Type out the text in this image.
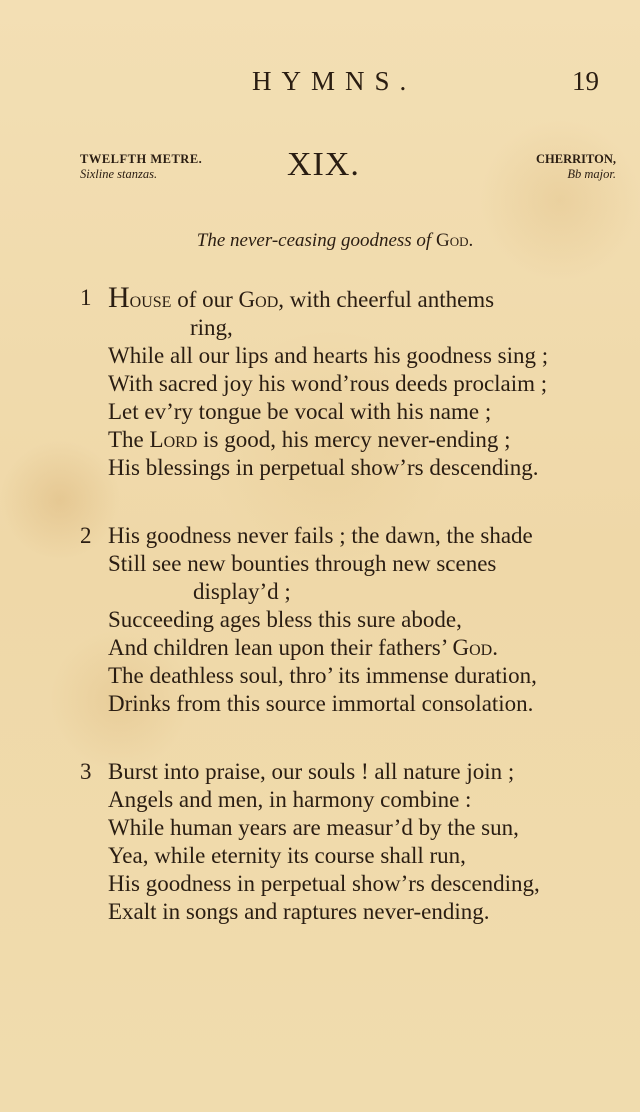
HYMNS.	19
TWELFTH METRE.
Sixline stanzas.	XIX.	CHERRITON,
Bb major.
The never-ceasing goodness of God.
1 House of our God, with cheerful anthems
ring,
While all our lips and hearts his goodness sing ;
With sacred joy his wond’rous deeds proclaim ;
Let ev’ry tongue be vocal with his name ;
The Lord is good, his mercy never-ending ;
His blessings in perpetual show’rs descending.
2 His goodness never fails ; the dawn, the shade
Still see new bounties through new scenes
display’d ;
Succeeding ages bless this sure abode,
And children lean upon their fathers’ God.
The deathless soul, thro’ its immense duration,
Drinks from this source immortal consolation.
3 Burst into praise, our souls ! all nature join ;
Angels and men, in harmony combine :
While human years are measur’d by the sun,
Yea, while eternity its course shall run,
His goodness in perpetual show’rs descending,
Exalt in songs and raptures never-ending.
